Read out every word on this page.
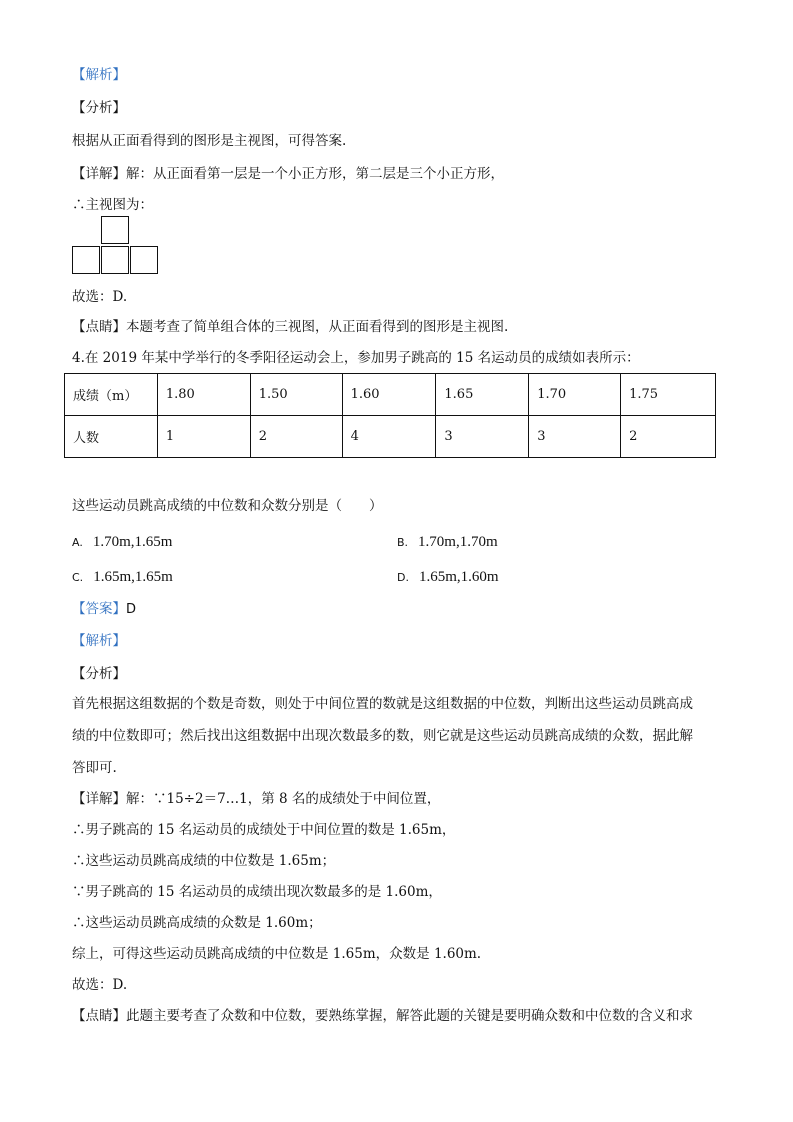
【解析】
【分析】
根据从正面看得到的图形是主视图，可得答案.
【详解】解：从正面看第一层是一个小正方形，第二层是三个小正方形，
∴主视图为：
故选：D.
【点睛】本题考查了简单组合体的三视图，从正面看得到的图形是主视图.
4.在 2019 年某中学举行的冬季阳径运动会上，参加男子跳高的 15 名运动员的成绩如表所示：
成绩（m）	1.80	1.50	1.60	1.65	1.70	1.75
人数	1	2	4	3	3	2
这些运动员跳高成绩的中位数和众数分别是（　　）
A. 1.70m,1.65m	B. 1.70m,1.70m
C. 1.65m,1.65m	D. 1.65m,1.60m
【答案】D
【解析】
【分析】
首先根据这组数据的个数是奇数，则处于中间位置的数就是这组数据的中位数，判断出这些运动员跳高成
绩的中位数即可；然后找出这组数据中出现次数最多的数，则它就是这些运动员跳高成绩的众数，据此解
答即可.
【详解】解：∵15÷2＝7…1，第 8 名的成绩处于中间位置，
∴男子跳高的 15 名运动员的成绩处于中间位置的数是 1.65m，
∴这些运动员跳高成绩的中位数是 1.65m；
∵男子跳高的 15 名运动员的成绩出现次数最多的是 1.60m，
∴这些运动员跳高成绩的众数是 1.60m；
综上，可得这些运动员跳高成绩的中位数是 1.65m，众数是 1.60m.
故选：D.
【点睛】此题主要考查了众数和中位数，要熟练掌握，解答此题的关键是要明确众数和中位数的含义和求
